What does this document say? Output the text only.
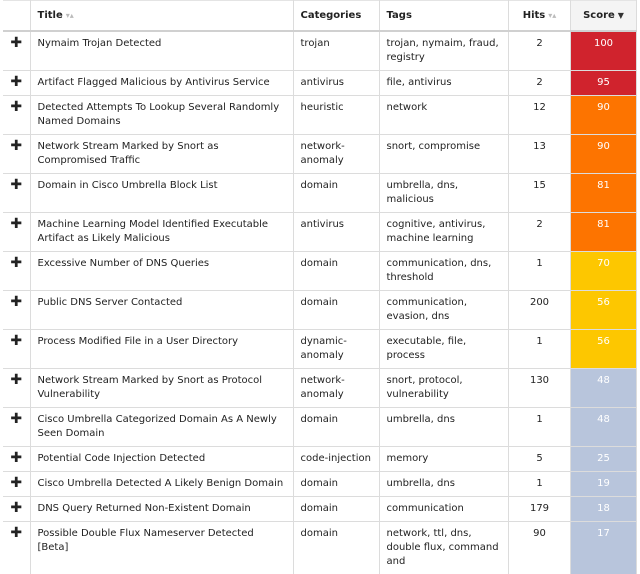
	Title ▾▴	Categories	Tags	Hits ▾▴	Score ▼
✚	Nymaim Trojan Detected	trojan	trojan, nymaim, fraud, registry	2	100
✚	Artifact Flagged Malicious by Antivirus Service	antivirus	file, antivirus	2	95
✚	Detected Attempts To Lookup Several Randomly Named Domains	heuristic	network	12	90
✚	Network Stream Marked by Snort as Compromised Traffic	network-anomaly	snort, compromise	13	90
✚	Domain in Cisco Umbrella Block List	domain	umbrella, dns, malicious	15	81
✚	Machine Learning Model Identified Executable Artifact as Likely Malicious	antivirus	cognitive, antivirus, machine learning	2	81
✚	Excessive Number of DNS Queries	domain	communication, dns, threshold	1	70
✚	Public DNS Server Contacted	domain	communication, evasion, dns	200	56
✚	Process Modified File in a User Directory	dynamic-anomaly	executable, file, process	1	56
✚	Network Stream Marked by Snort as Protocol Vulnerability	network-anomaly	snort, protocol, vulnerability	130	48
✚	Cisco Umbrella Categorized Domain As A Newly Seen Domain	domain	umbrella, dns	1	48
✚	Potential Code Injection Detected	code-injection	memory	5	25
✚	Cisco Umbrella Detected A Likely Benign Domain	domain	umbrella, dns	1	19
✚	DNS Query Returned Non-Existent Domain	domain	communication	179	18
✚	Possible Double Flux Nameserver Detected [Beta]	domain	network, ttl, dns, double flux, command and	90	17
